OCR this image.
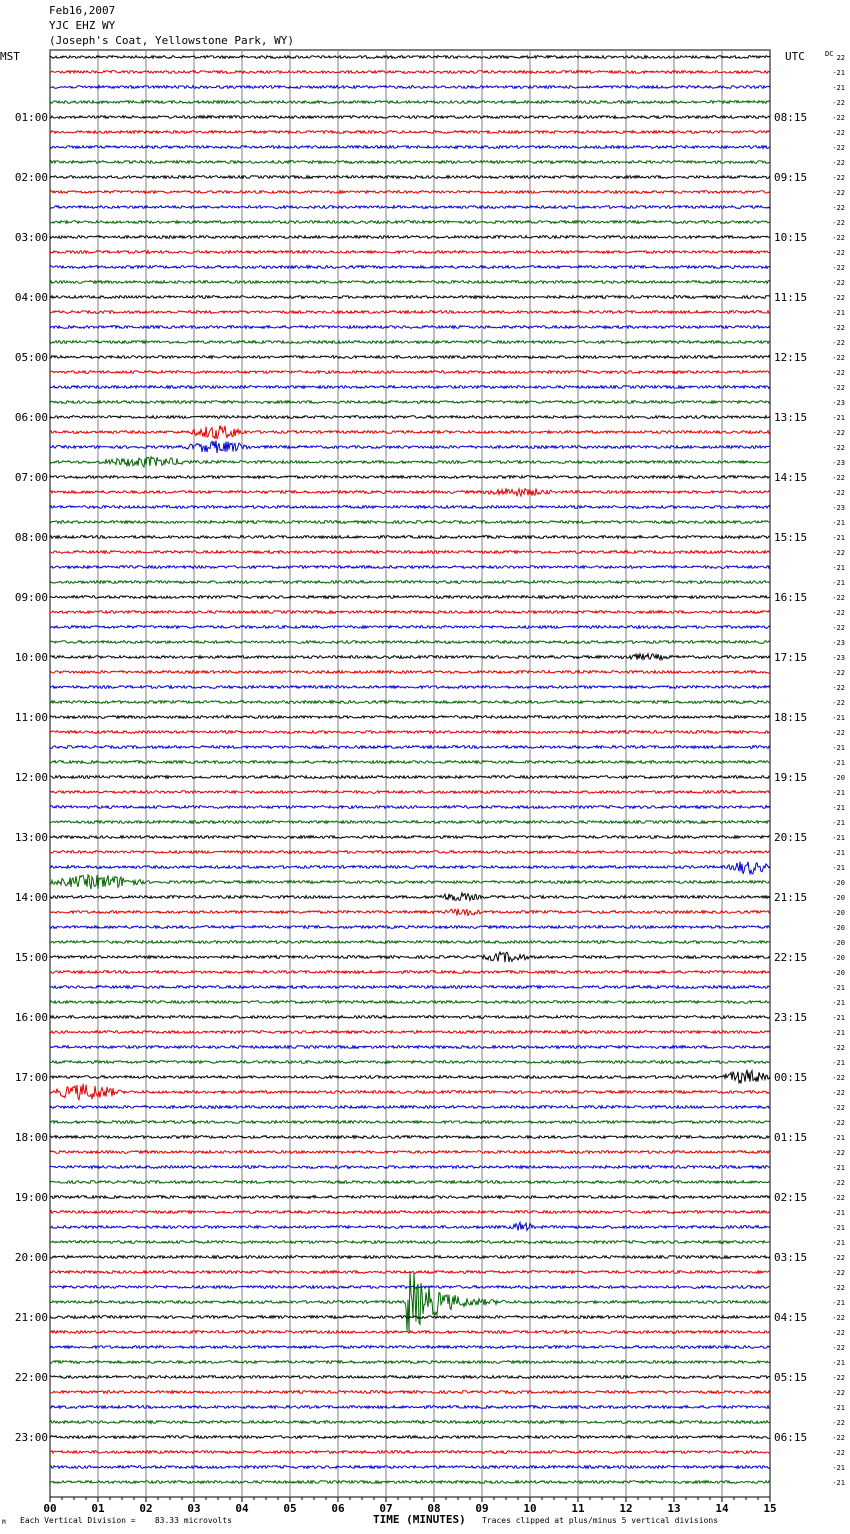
Feb16,2007
YJC EHZ WY
(Joseph's Coat, Yellowstone Park, WY)
MST	UTC	22
-21
-21
-22
-22
01:00	08:15
-22
-22
-22
-22
02:00	09:15
-22
-22
-22
-22
03:00	10:15
-22
-22
-22
-22
04:00	11:15
-21
-22
-22
-22
05:00	12:15
-22
-22
-23
-21
06:00	13:15
-22
-22
-23
-22
07:00	14:15
-22
-23
-21
-21
08:00	15:15
-22
-21
-21
-22
09:00	16:15
-22
-22
-23
-23
10:00	17:15
-22
-22
-22
-21
11:00	18:15
-22
-21
-21
-20
12:00	19:15
-21
-21
-21
-21
13:00	20:15
-21
-21
-20
-20
14:00	21:15
-20
-20
-20
-20
15:00	22:15
-20
-21
-21
-21
16:00	23:15
-21
-22
-21
-22
17:00	00:15
-22
-22
-22
-21
18:00	01:15
-22
-21
-22
-22
19:00	02:15
-21
-21
-21
-22
20:00	03:15
-22
-22
-21
-22
21:00	04:15
-22
-22
-21
-22
22:00	05:15
-22
-21
-22
-22
23:00	06:15
-22
-21
-21
DC
00	01	02	03	04	05	06	07	08	09	10	11	12	13	14	15
M Each Vertical Division =    83.33 microvolts	TIME (MINUTES) Traces clipped at plus/minus 5 vertical divisions
